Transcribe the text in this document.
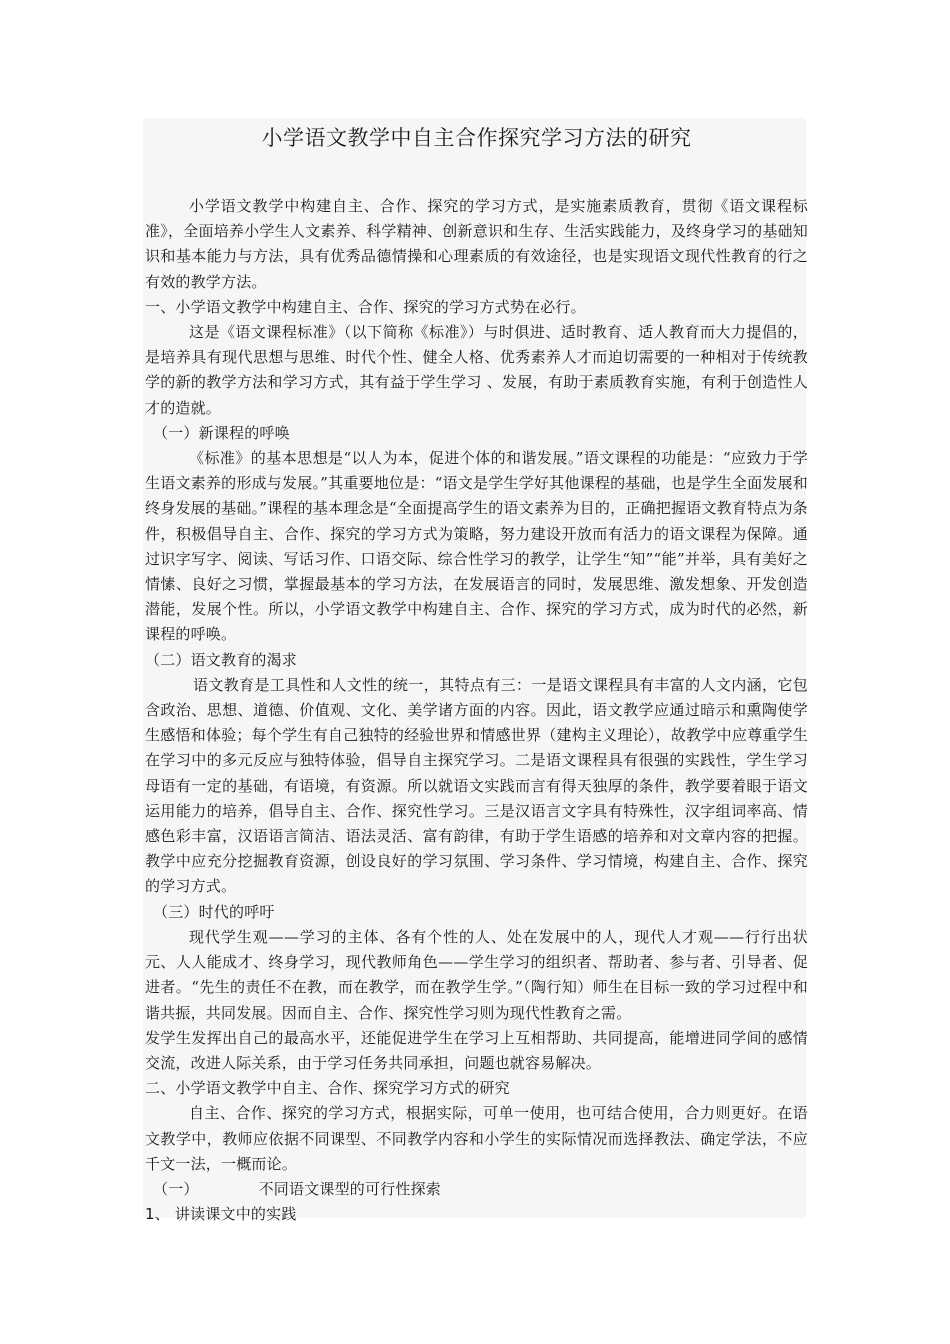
小学语文教学中自主合作探究学习方法的研究

小学语文教学中构建自主、合作、探究的学习方式，是实施素质教育，贯彻《语文课程标准》，全面培养小学生人文素养、科学精神、创新意识和生存、生活实践能力，及终身学习的基础知识和基本能力与方法，具有优秀品德情操和心理素质的有效途径，也是实现语文现代性教育的行之有效的教学方法。

一、小学语文教学中构建自主、合作、探究的学习方式势在必行。

这是《语文课程标准》（以下简称《标准》）与时俱进、适时教育、适人教育而大力提倡的，是培养具有现代思想与思维、时代个性、健全人格、优秀素养人才而迫切需要的一种相对于传统教学的新的教学方法和学习方式，其有益于学生学习 、发展，有助于素质教育实施，有利于创造性人才的造就。

（一）新课程的呼唤

《标准》的基本思想是“以人为本，促进个体的和谐发展。”语文课程的功能是：“应致力于学生语文素养的形成与发展。”其重要地位是：“语文是学生学好其他课程的基础，也是学生全面发展和终身发展的基础。”课程的基本理念是“全面提高学生的语文素养为目的，正确把握语文教育特点为条件，积极倡导自主、合作、探究的学习方式为策略，努力建设开放而有活力的语文课程为保障。通过识字写字、阅读、写话习作、口语交际、综合性学习的教学，让学生“知”“能”并举，具有美好之情愫、良好之习惯，掌握最基本的学习方法，在发展语言的同时，发展思维、激发想象、开发创造潜能，发展个性。所以，小学语文教学中构建自主、合作、探究的学习方式，成为时代的必然，新课程的呼唤。

（二）语文教育的渴求

语文教育是工具性和人文性的统一，其特点有三：一是语文课程具有丰富的人文内涵，它包含政治、思想、道德、价值观、文化、美学诸方面的内容。因此，语文教学应通过暗示和熏陶使学生感悟和体验；每个学生有自己独特的经验世界和情感世界（建构主义理论），故教学中应尊重学生在学习中的多元反应与独特体验，倡导自主探究学习。二是语文课程具有很强的实践性，学生学习母语有一定的基础，有语境，有资源。所以就语文实践而言有得天独厚的条件，教学要着眼于语文运用能力的培养，倡导自主、合作、探究性学习。三是汉语言文字具有特殊性，汉字组词率高、情感色彩丰富，汉语语言简洁、语法灵活、富有韵律，有助于学生语感的培养和对文章内容的把握。教学中应充分挖掘教育资源，创设良好的学习氛围、学习条件、学习情境，构建自主、合作、探究的学习方式。

（三）时代的呼吁

现代学生观——学习的主体、各有个性的人、处在发展中的人，现代人才观——行行出状元、人人能成才、终身学习，现代教师角色——学生学习的组织者、帮助者、参与者、引导者、促进者。“先生的责任不在教，而在教学，而在教学生学。”（陶行知）师生在目标一致的学习过程中和谐共振，共同发展。因而自主、合作、探究性学习则为现代性教育之需。

发学生发挥出自己的最高水平，还能促进学生在学习上互相帮助、共同提高，能增进同学间的感情交流，改进人际关系，由于学习任务共同承担，问题也就容易解决。

二、小学语文教学中自主、合作、探究学习方式的研究

自主、合作、探究的学习方式，根据实际，可单一使用，也可结合使用，合力则更好。在语文教学中，教师应依据不同课型、不同教学内容和小学生的实际情况而选择教法、确定学法，不应千文一法，一概而论。

（一）	不同语文课型的可行性探索

1、 讲读课文中的实践
